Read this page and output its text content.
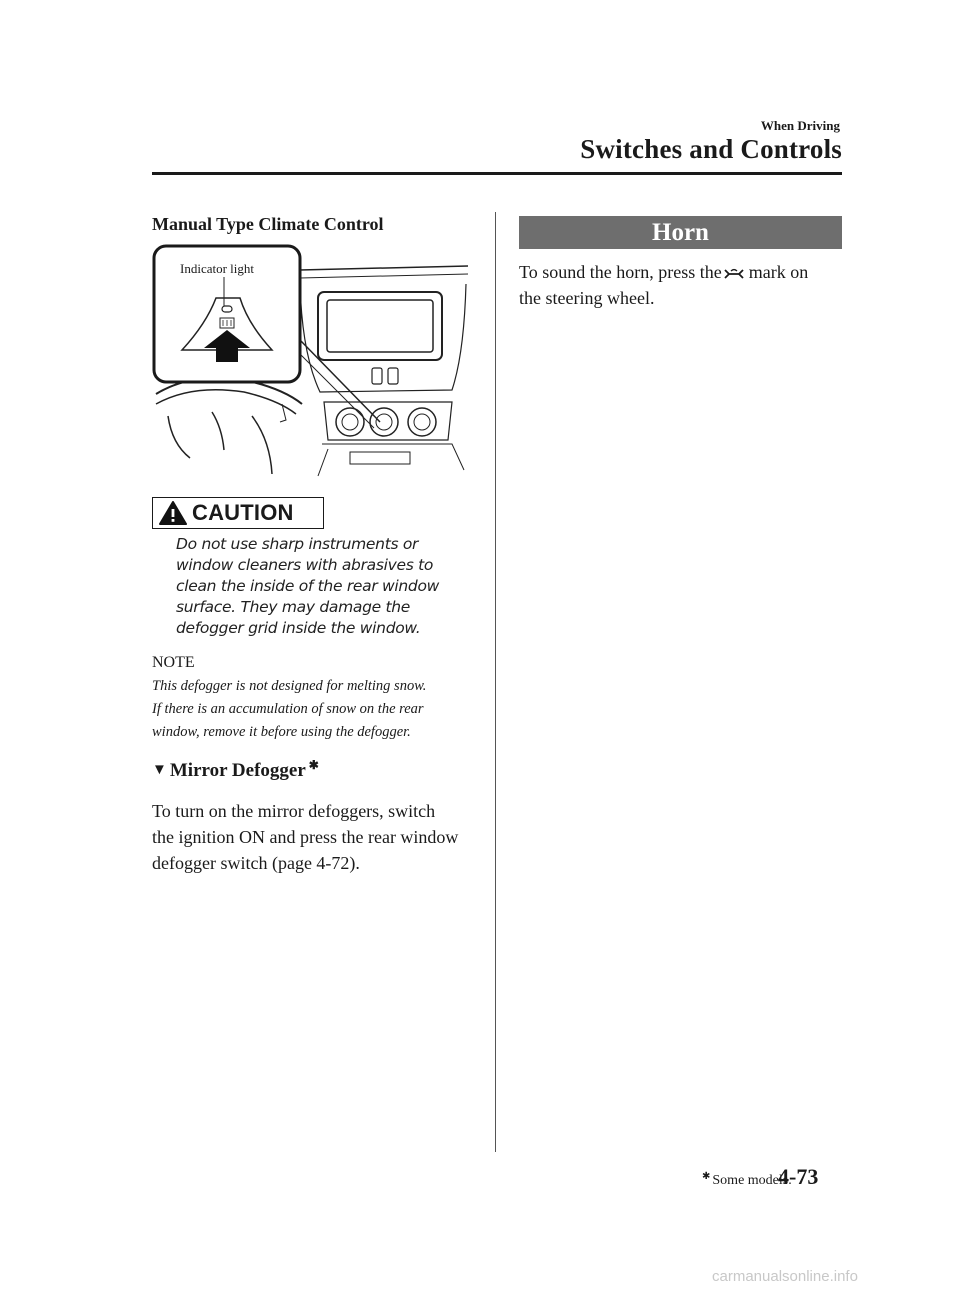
When Driving
Switches and Controls
Manual Type Climate Control
Indicator light
CAUTION
Do not use sharp instruments or
window cleaners with abrasives to
clean the inside of the rear window
surface. They may damage the
defogger grid inside the window.
NOTE
This defogger is not designed for melting snow.
If there is an accumulation of snow on the rear
window, remove it before using the defogger.
▼ Mirror Defogger ✱
To turn on the mirror defoggers, switch
the ignition ON and press the rear window
defogger switch (page 4-72).
Horn
To sound the horn, press the mark on
the steering wheel.
✱ Some models.
4-73
carmanualsonline.info
